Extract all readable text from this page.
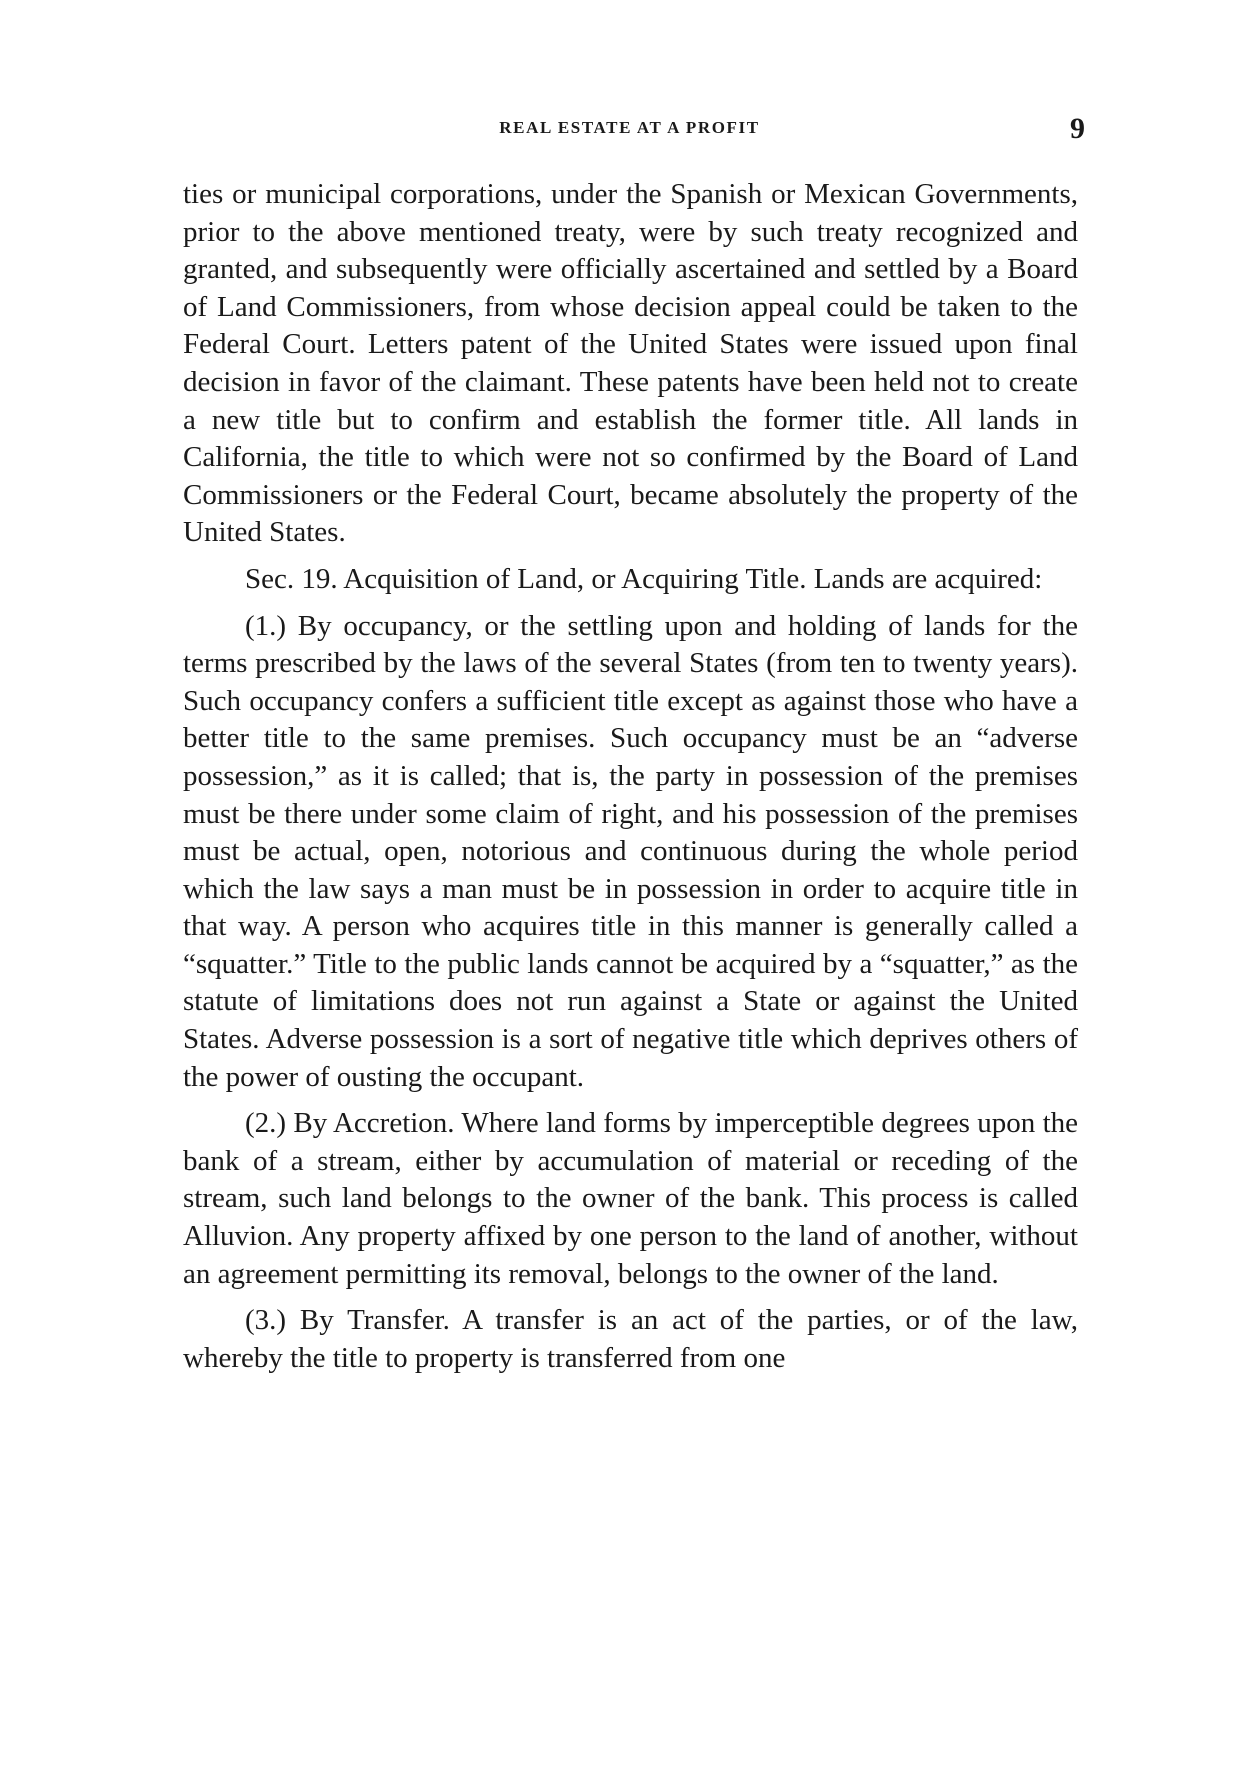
REAL ESTATE AT A PROFIT	9

ties or municipal corporations, under the Spanish or Mexican Governments, prior to the above mentioned treaty, were by such treaty recognized and granted, and subsequently were officially ascertained and settled by a Board of Land Commissioners, from whose decision appeal could be taken to the Federal Court. Letters patent of the United States were issued upon final decision in favor of the claimant. These patents have been held not to create a new title but to confirm and establish the former title. All lands in California, the title to which were not so confirmed by the Board of Land Commissioners or the Federal Court, became absolutely the property of the United States.

Sec. 19. Acquisition of Land, or Acquiring Title. Lands are acquired:

(1.) By occupancy, or the settling upon and holding of lands for the terms prescribed by the laws of the several States (from ten to twenty years). Such occupancy confers a sufficient title except as against those who have a better title to the same premises. Such occupancy must be an “adverse possession,” as it is called; that is, the party in possession of the premises must be there under some claim of right, and his possession of the premises must be actual, open, notorious and continuous during the whole period which the law says a man must be in possession in order to acquire title in that way. A person who acquires title in this manner is generally called a “squatter.” Title to the public lands cannot be acquired by a “squatter,” as the statute of limitations does not run against a State or against the United States. Adverse possession is a sort of negative title which deprives others of the power of ousting the occupant.

(2.) By Accretion. Where land forms by imperceptible degrees upon the bank of a stream, either by accumulation of material or receding of the stream, such land belongs to the owner of the bank. This process is called Alluvion. Any property affixed by one person to the land of another, without an agreement permitting its removal, belongs to the owner of the land.

(3.) By Transfer. A transfer is an act of the parties, or of the law, whereby the title to property is transferred from one
